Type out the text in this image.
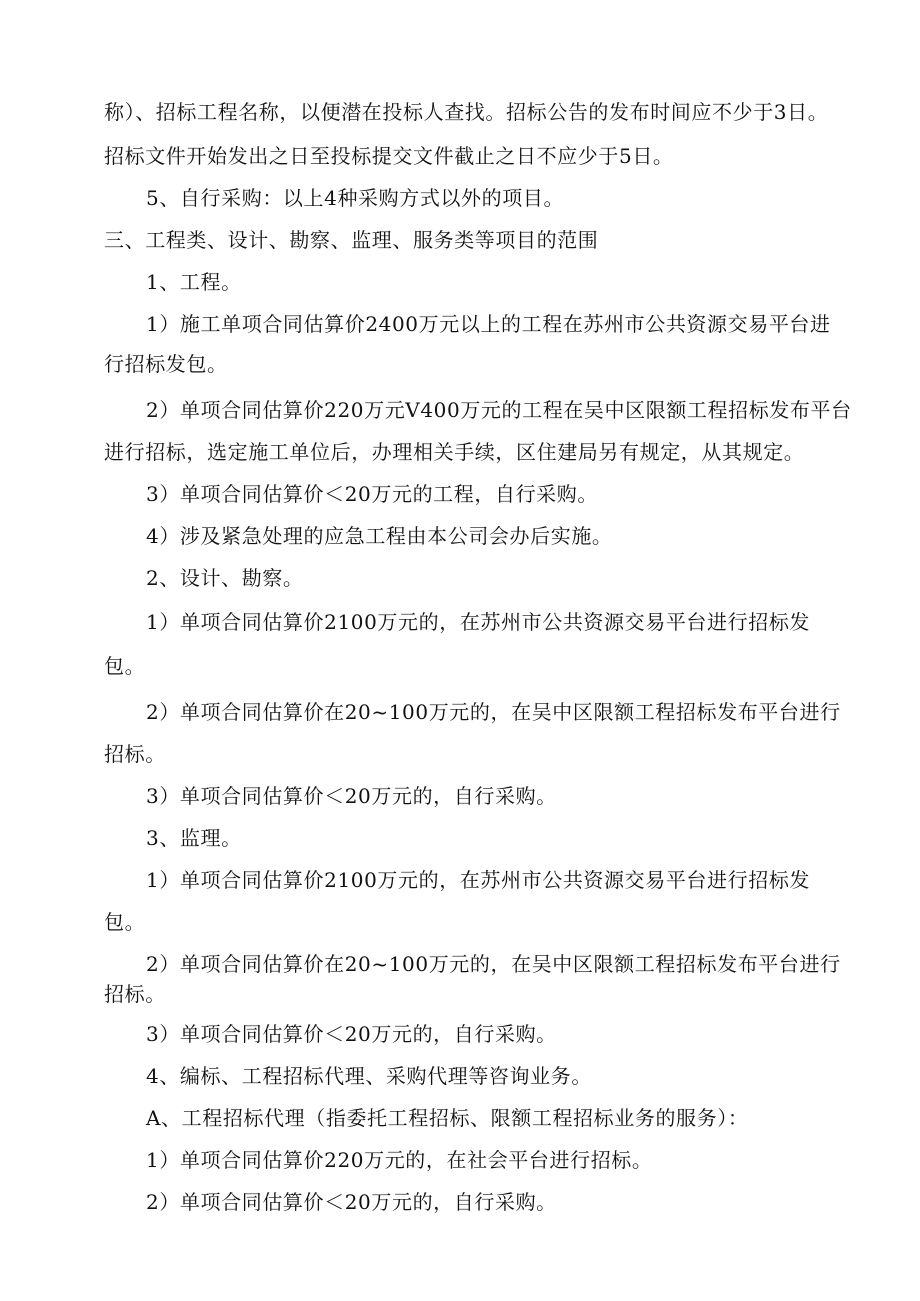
称）、招标工程名称，以便潜在投标人查找。招标公告的发布时间应不少于3日。
招标文件开始发出之日至投标提交文件截止之日不应少于5日。
5、自行采购：以上4种采购方式以外的项目。
三、工程类、设计、勘察、监理、服务类等项目的范围
1、工程。
1）施工单项合同估算价2400万元以上的工程在苏州市公共资源交易平台进
行招标发包。
2）单项合同估算价220万元V400万元的工程在吴中区限额工程招标发布平台
进行招标，选定施工单位后，办理相关手续，区住建局另有规定，从其规定。
3）单项合同估算价＜20万元的工程，自行采购。
4）涉及紧急处理的应急工程由本公司会办后实施。
2、设计、勘察。
1）单项合同估算价2100万元的，在苏州市公共资源交易平台进行招标发
包。
2）单项合同估算价在20~100万元的，在吴中区限额工程招标发布平台进行
招标。
3）单项合同估算价＜20万元的，自行采购。
3、监理。
1）单项合同估算价2100万元的，在苏州市公共资源交易平台进行招标发
包。
2）单项合同估算价在20~100万元的，在吴中区限额工程招标发布平台进行
招标。
3）单项合同估算价＜20万元的，自行采购。
4、编标、工程招标代理、采购代理等咨询业务。
A、工程招标代理（指委托工程招标、限额工程招标业务的服务）：
1）单项合同估算价220万元的，在社会平台进行招标。
2）单项合同估算价＜20万元的，自行采购。
